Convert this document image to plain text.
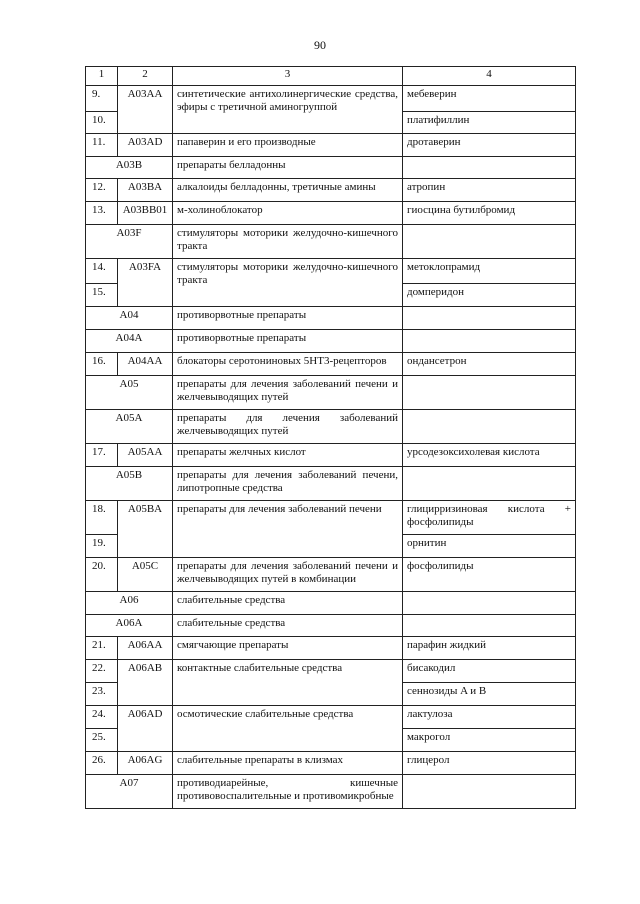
90
1	2	3	4
9.	A03AA	синтетические антихолинергические средства, эфиры с третичной аминогруппой	мебеверин
10.			платифиллин
11.	A03AD	папаверин и его производные	дротаверин
A03B		препараты белладонны	
12.	A03BA	алкалоиды белладонны, третичные амины	атропин
13.	A03BB01	м-холиноблокатор	гиосцина бутилбромид
A03F		стимуляторы моторики желудочно-кишечного тракта	
14.	A03FA	стимуляторы моторики желудочно-кишечного тракта	метоклопрамид
15.			домперидон
A04		противорвотные препараты	
A04A		противорвотные препараты	
16.	A04AA	блокаторы серотониновых 5НТ3-рецепторов	ондансетрон
A05		препараты для лечения заболеваний печени и желчевыводящих путей	
A05A		препараты для лечения заболеваний желчевыводящих путей	
17.	A05AA	препараты желчных кислот	урсодезоксихолевая кислота
A05B		препараты для лечения заболеваний печени, липотропные средства	
18.	A05BA	препараты для лечения заболеваний печени	глицирризиновая кислота + фосфолипиды
19.			орнитин
20.	A05C	препараты для лечения заболеваний печени и желчевыводящих путей в комбинации	фосфолипиды
A06		слабительные средства	
A06A		слабительные средства	
21.	A06AA	смягчающие препараты	парафин жидкий
22.	A06AB	контактные слабительные средства	бисакодил
23.			сеннозиды A и B
24.	A06AD	осмотические слабительные средства	лактулоза
25.			макрогол
26.	A06AG	слабительные препараты в клизмах	глицерол
A07		противодиарейные, кишечные противовоспалительные и противомикробные	
